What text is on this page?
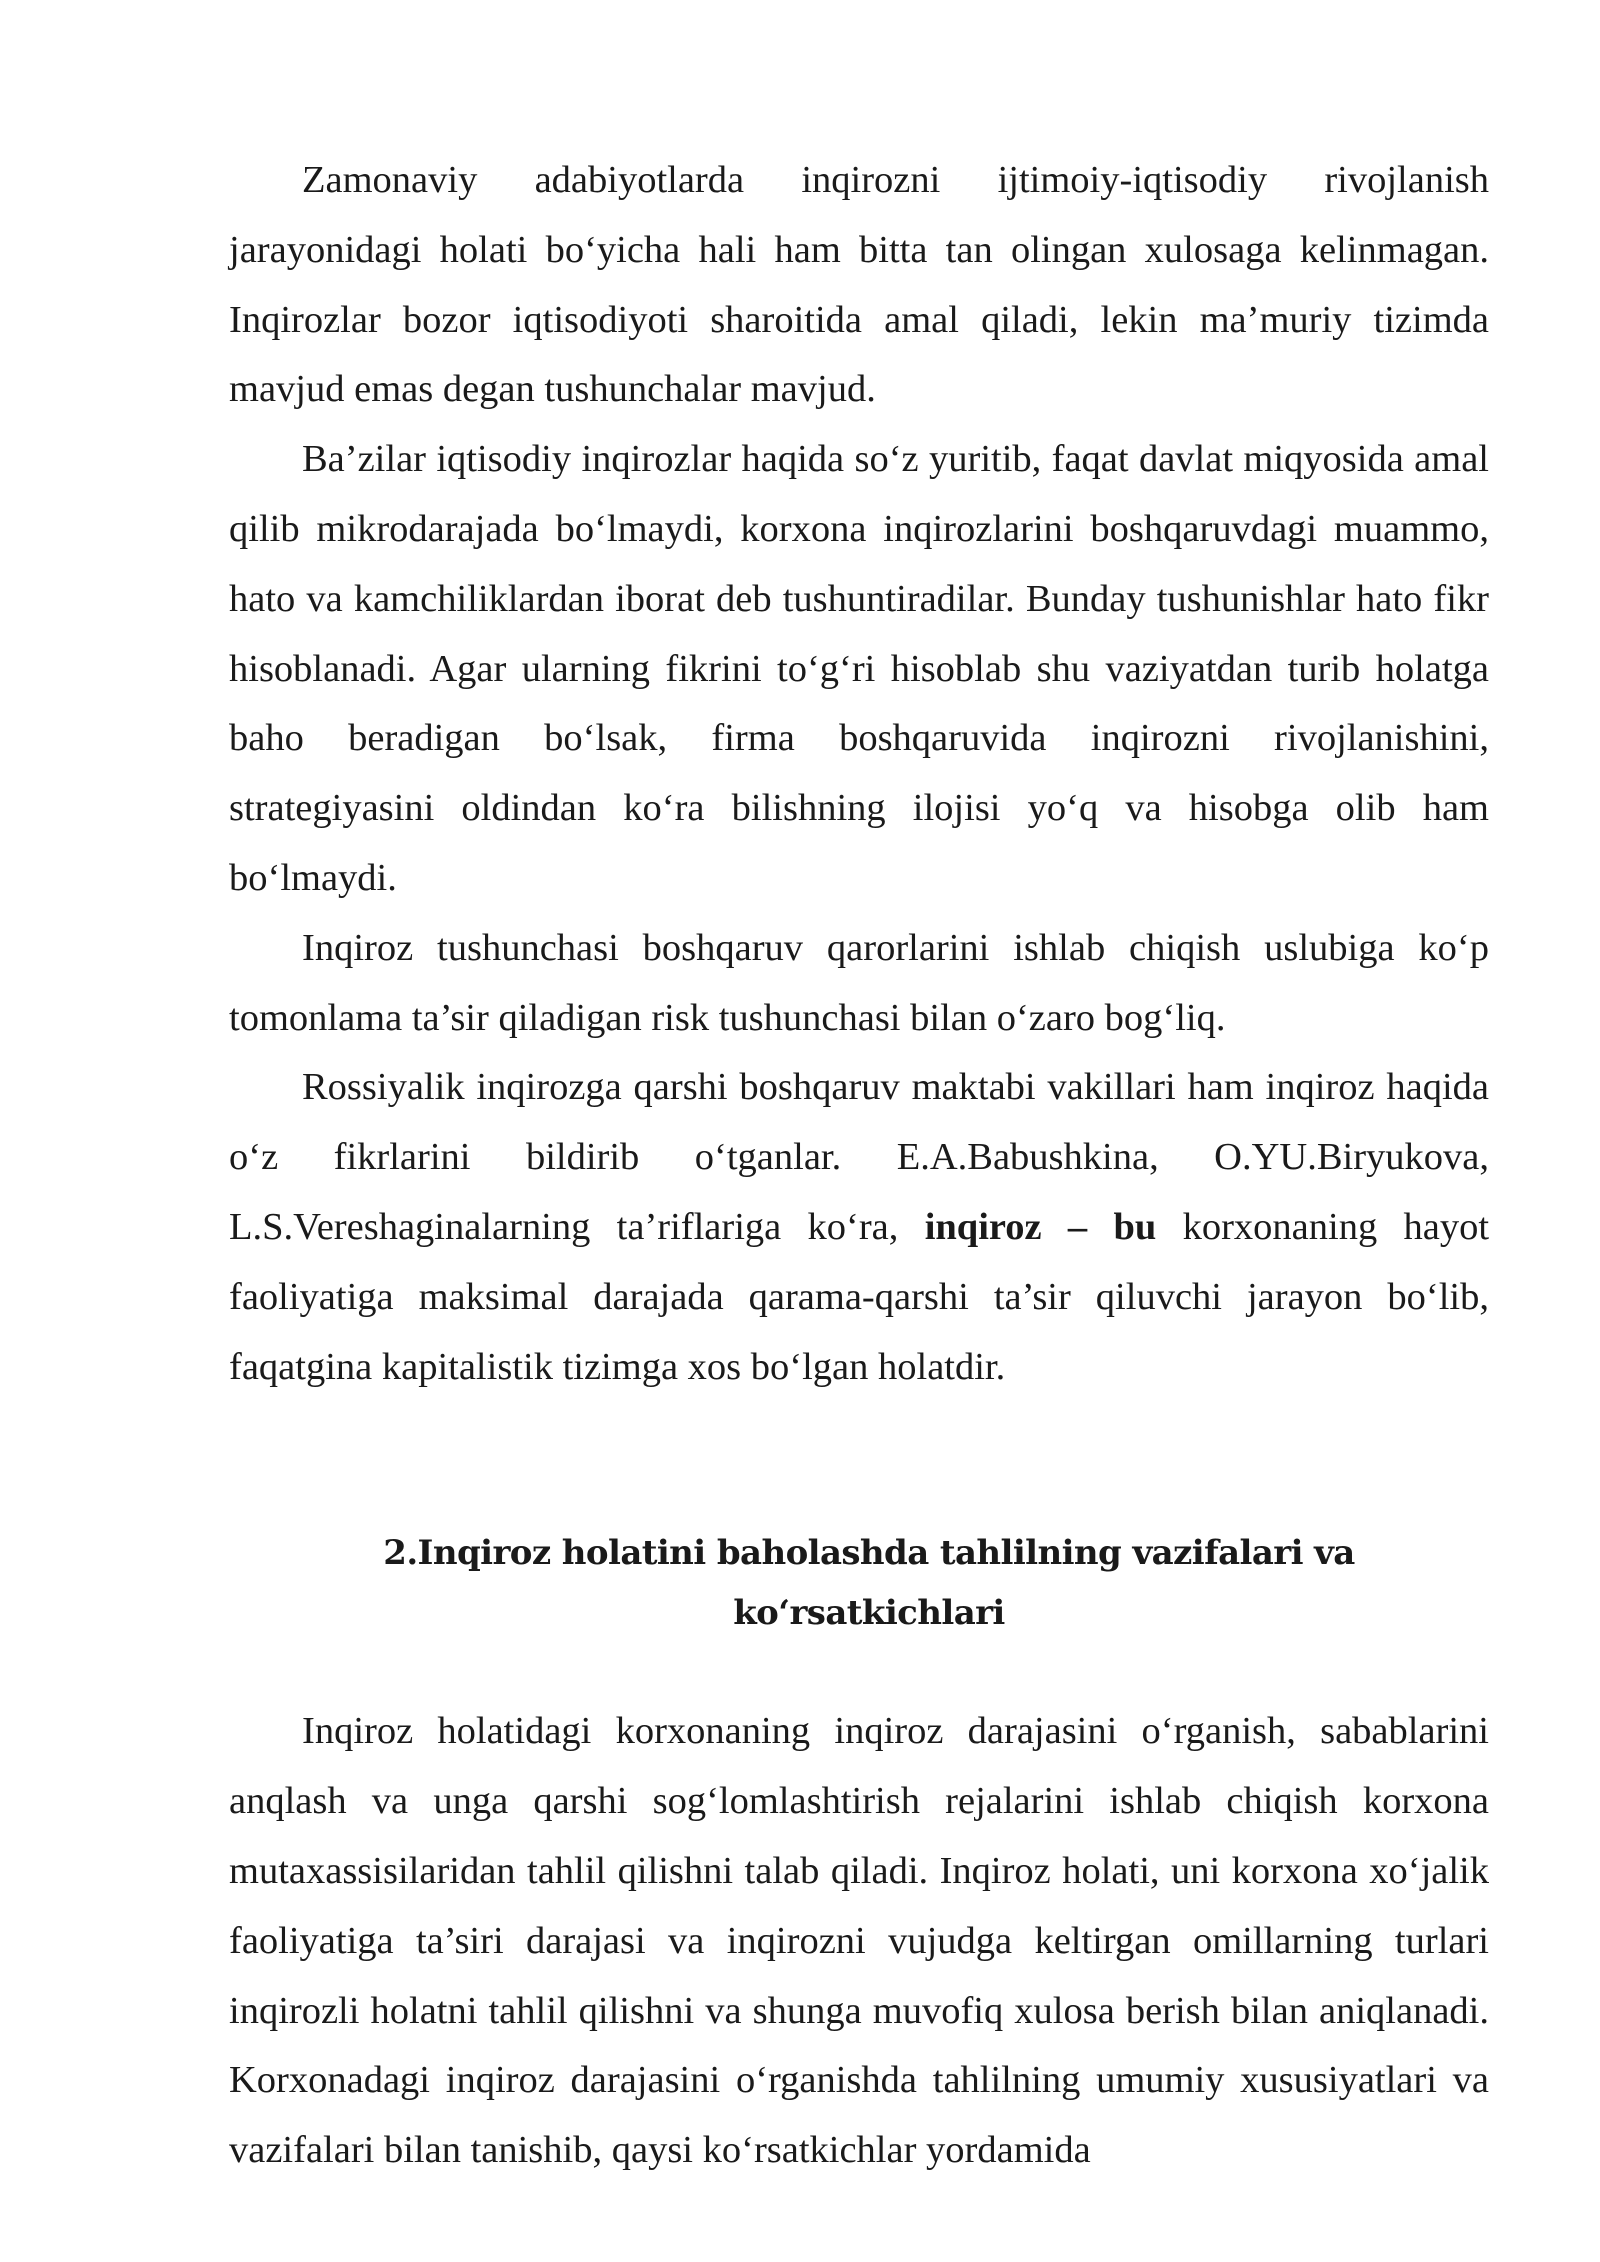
Zamonaviy adabiyotlarda inqirozni ijtimoiy-iqtisodiy rivojlanish jarayonidagi holati bo‘yicha hali ham bitta tan olingan xulosaga kelinmagan. Inqirozlar bozor iqtisodiyoti sharoitida amal qiladi, lekin ma’muriy tizimda mavjud emas degan tushunchalar mavjud.

Ba’zilar iqtisodiy inqirozlar haqida so‘z yuritib, faqat davlat miqyosida amal qilib mikrodarajada bo‘lmaydi, korxona inqirozlarini boshqaruvdagi muammo, hato va kamchiliklardan iborat deb tushuntiradilar. Bunday tushunishlar hato fikr hisoblanadi. Agar ularning fikrini to‘g‘ri hisoblab shu vaziyatdan turib holatga baho beradigan bo‘lsak, firma boshqaruvida inqirozni rivojlanishini, strategiyasini oldindan ko‘ra bilishning ilojisi yo‘q va hisobga olib ham bo‘lmaydi.

Inqiroz tushunchasi boshqaruv qarorlarini ishlab chiqish uslubiga ko‘p tomonlama ta’sir qiladigan risk tushunchasi bilan o‘zaro bog‘liq.

Rossiyalik inqirozga qarshi boshqaruv maktabi vakillari ham inqiroz haqida o‘z fikrlarini bildirib o‘tganlar. E.A.Babushkina, O.YU.Biryukova, L.S.Vereshaginalarning ta’riflariga ko‘ra, inqiroz – bu korxonaning hayot faoliyatiga maksimal darajada qarama-qarshi ta’sir qiluvchi jarayon bo‘lib, faqatgina kapitalistik tizimga xos bo‘lgan holatdir.

2.Inqiroz holatini baholashda tahlilning vazifalari va ko‘rsatkichlari

Inqiroz holatidagi korxonaning inqiroz darajasini o‘rganish, sabablarini anqlash va unga qarshi sog‘lomlashtirish rejalarini ishlab chiqish korxona mutaxassisilaridan tahlil qilishni talab qiladi. Inqiroz holati, uni korxona xo‘jalik faoliyatiga ta’siri darajasi va inqirozni vujudga keltirgan omillarning turlari inqirozli holatni tahlil qilishni va shunga muvofiq xulosa berish bilan aniqlanadi. Korxonadagi inqiroz darajasini o‘rganishda tahlilning umumiy xususiyatlari va vazifalari bilan tanishib, qaysi ko‘rsatkichlar yordamida
